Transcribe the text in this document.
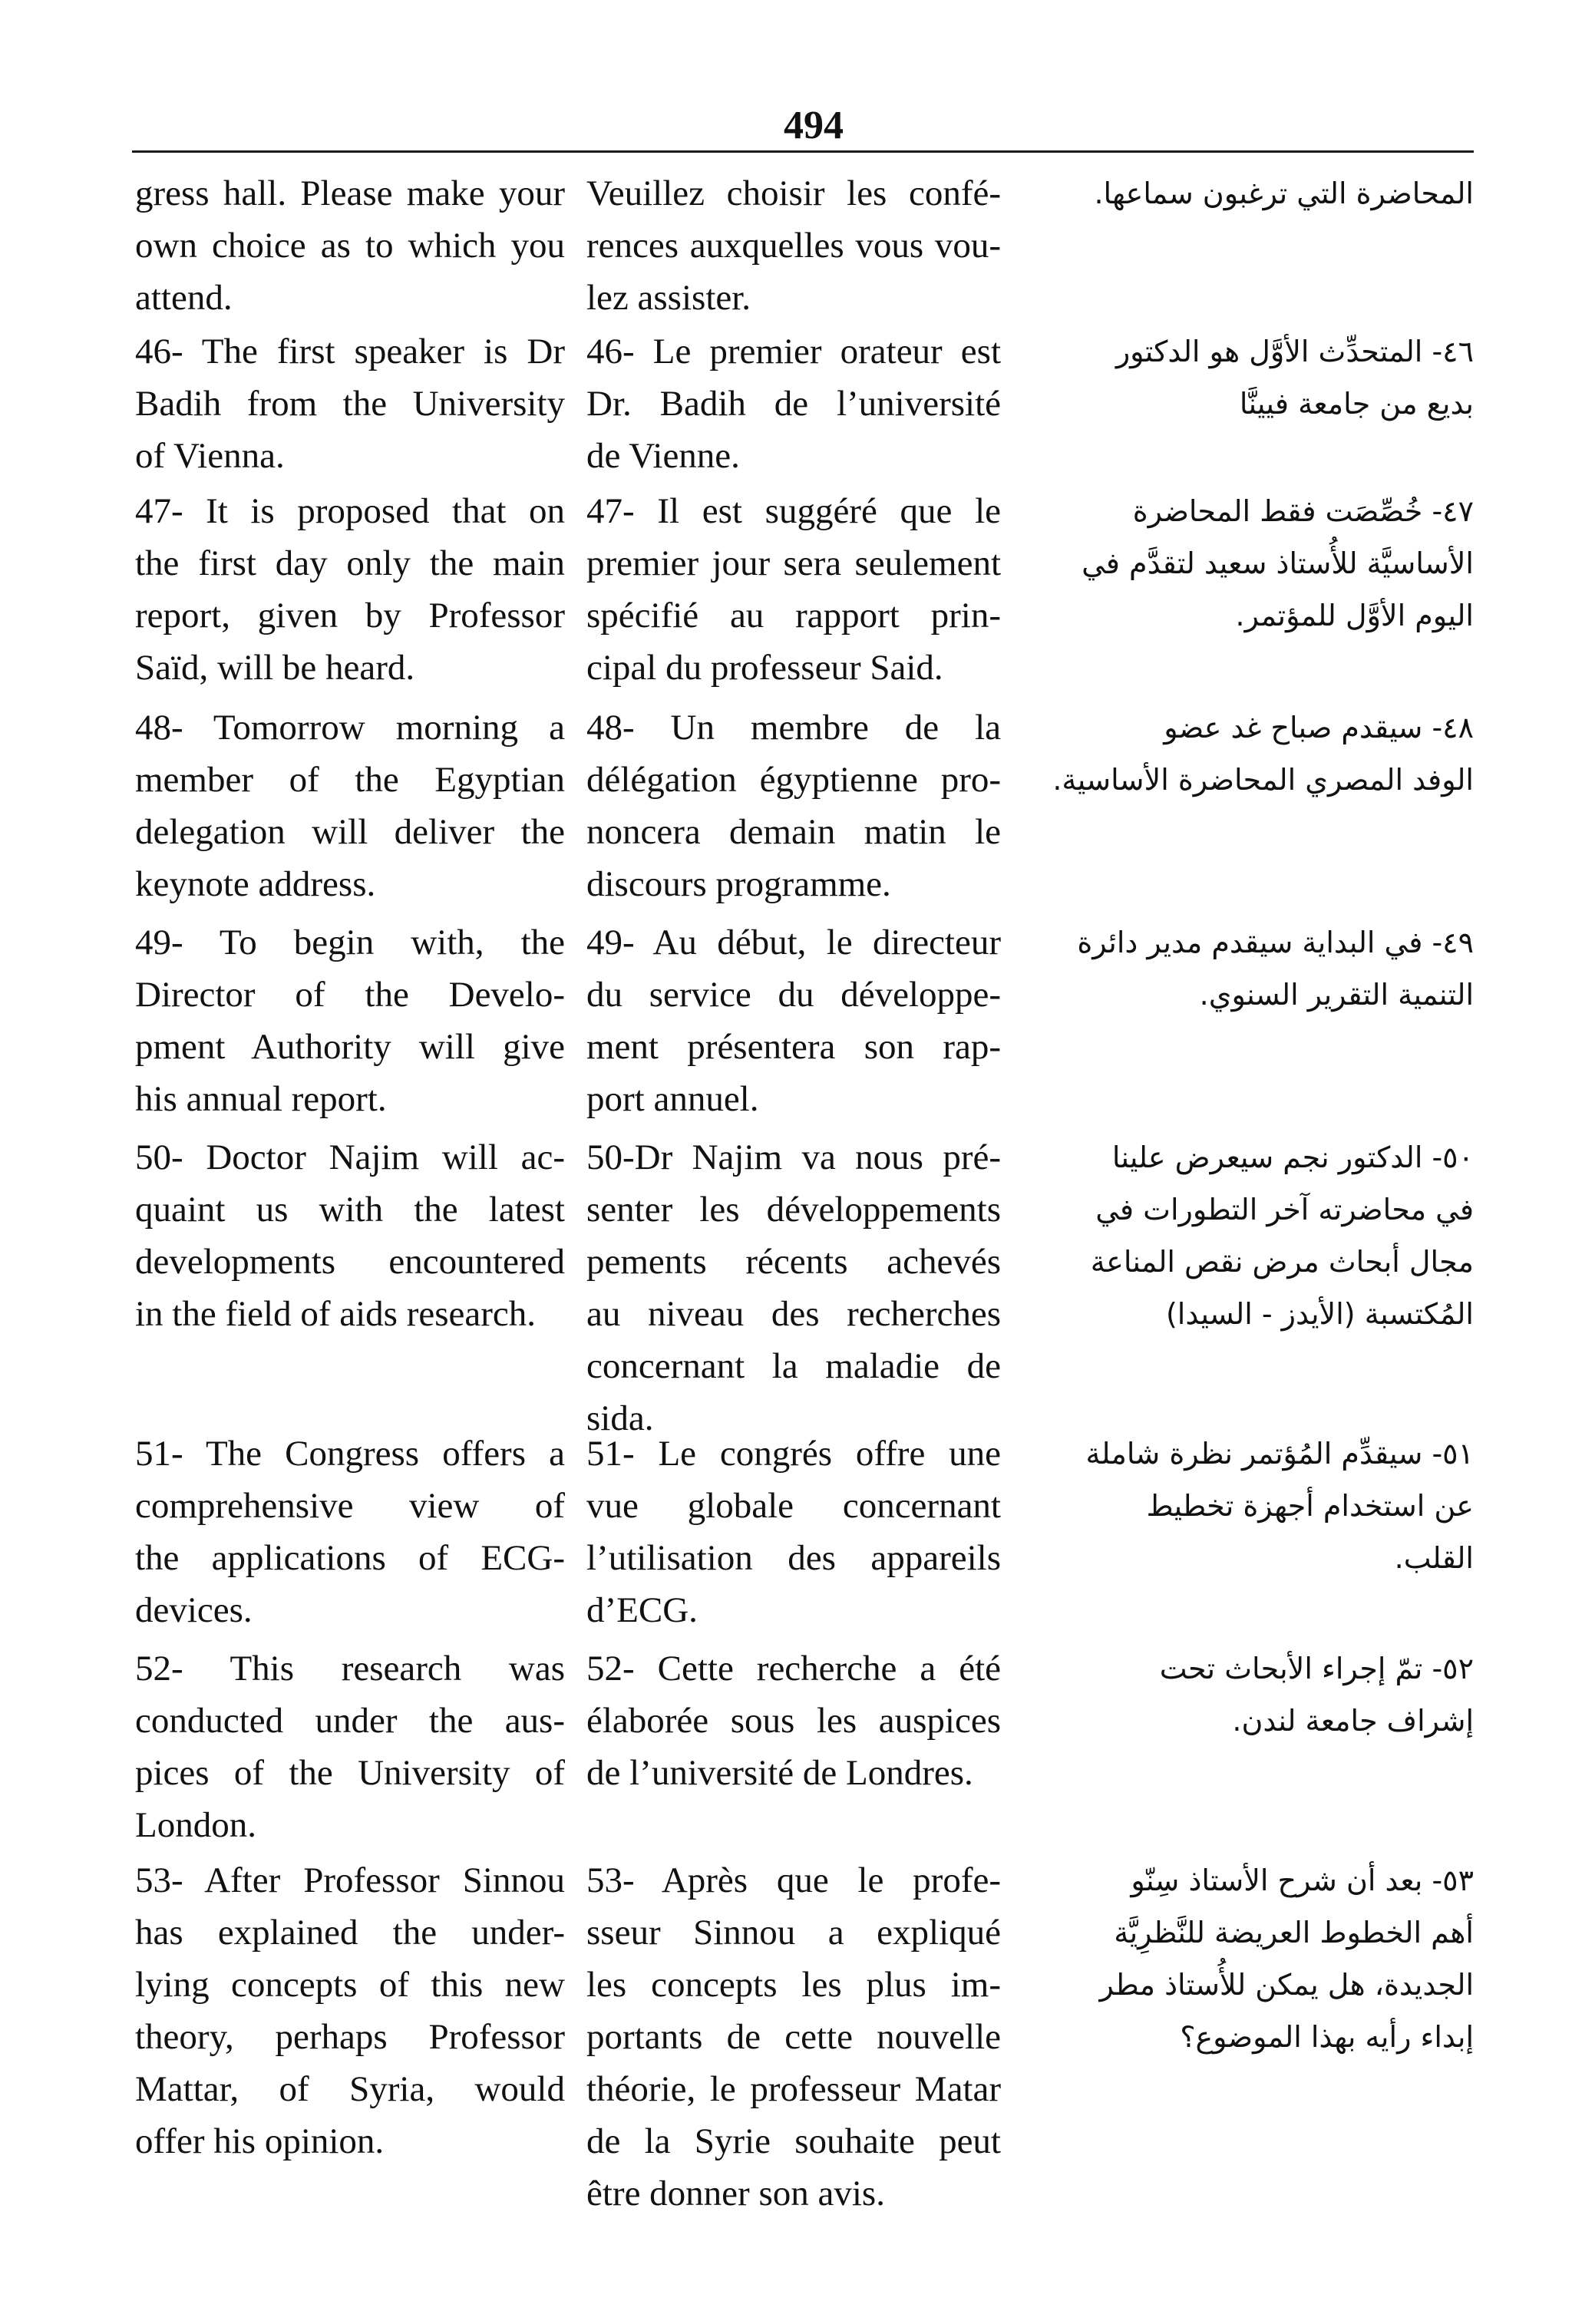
494
gress hall. Please make your
own choice as to which you
attend.
46- The first speaker is Dr
Badih from the University
of Vienna.
47- It is proposed that on
the first day only the main
report, given by Professor
Saïd, will be heard.
48- Tomorrow morning a
member of the Egyptian
delegation will deliver the
keynote address.
49- To begin with, the
Director of the Develo-
pment Authority will give
his annual report.
50- Doctor Najim will ac-
quaint us with the latest
developments encountered
in the field of aids research.
51- The Congress offers a
comprehensive view of
the applications of ECG-
devices.
52- This research was
conducted under the aus-
pices of the University of
London.
53- After Professor Sinnou
has explained the under-
lying concepts of this new
theory, perhaps Professor
Mattar, of Syria, would
offer his opinion.
Veuillez choisir les confé-
rences auxquelles vous vou-
lez assister.
46- Le premier orateur est
Dr. Badih de l’université
de Vienne.
47- Il est suggéré que le
premier jour sera seulement
spécifié au rapport prin-
cipal du professeur Said.
48- Un membre de la
délégation égyptienne pro-
noncera demain matin le
discours programme.
49- Au début, le directeur
du service du développe-
ment présentera son rap-
port annuel.
50-Dr Najim va nous pré-
senter les développements
pements récents achevés
au niveau des recherches
concernant la maladie de
sida.
51- Le congrés offre une
vue globale concernant
l’utilisation des appareils
d’ECG.
52- Cette recherche a été
élaborée sous les auspices
de l’université de Londres.
53- Après que le profe-
sseur Sinnou a expliqué
les concepts les plus im-
portants de cette nouvelle
théorie, le professeur Matar
de la Syrie souhaite peut
être donner son avis.
المحاضرة التي ترغبون سماعها.
٤٦- المتحدِّث الأوَّل هو الدكتور
بديع من جامعة فيينَّا
٤٧- خُصِّصَت فقط المحاضرة
الأساسيَّة للأُستاذ سعيد لتقدَّم في
اليوم الأوَّل للمؤتمر.
٤٨- سيقدم صباح غد عضو
الوفد المصري المحاضرة الأساسية.
٤٩- في البداية سيقدم مدير دائرة
التنمية التقرير السنوي.
٥٠- الدكتور نجم سيعرض علينا
في محاضرته آخر التطورات في
مجال أبحاث مرض نقص المناعة
المُكتسبة (الأيدز - السيدا)
٥١- سيقدِّم المُؤتمر نظرة شاملة
عن استخدام أجهزة تخطيط
القلب.
٥٢- تمّ إجراء الأبحاث تحت
إشراف جامعة لندن.
٥٣- بعد أن شرح الأستاذ سِنّو
أهم الخطوط العريضة للنَّظرِيَّة
الجديدة، هل يمكن للأُستاذ مطر
إبداء رأيه بهذا الموضوع؟
